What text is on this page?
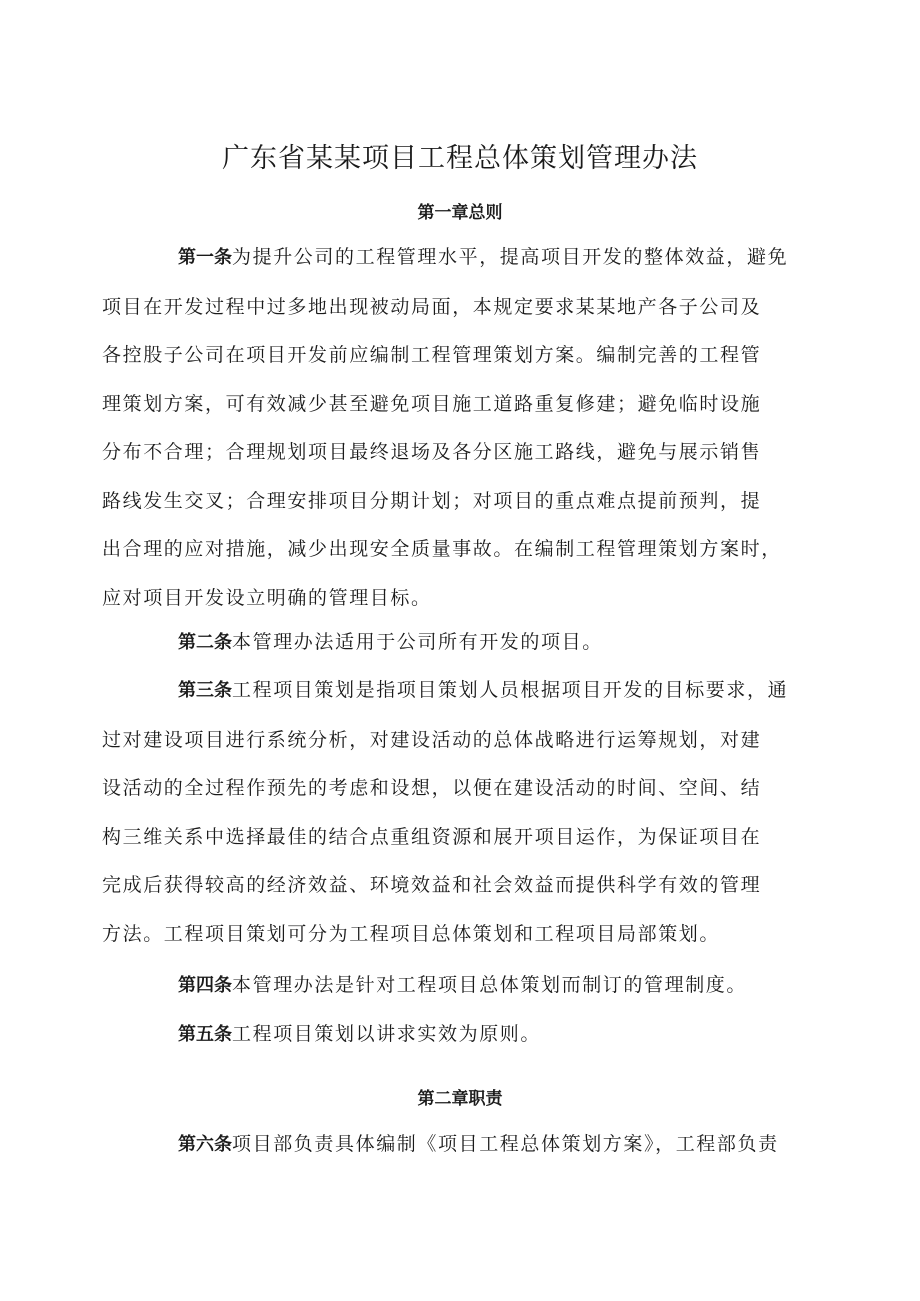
广东省某某项目工程总体策划管理办法
第一章总则

第一条为提升公司的工程管理水平，提高项目开发的整体效益，避免
项目在开发过程中过多地出现被动局面，本规定要求某某地产各子公司及
各控股子公司在项目开发前应编制工程管理策划方案。编制完善的工程管
理策划方案，可有效减少甚至避免项目施工道路重复修建；避免临时设施
分布不合理；合理规划项目最终退场及各分区施工路线，避免与展示销售
路线发生交叉；合理安排项目分期计划；对项目的重点难点提前预判，提
出合理的应对措施，减少出现安全质量事故。在编制工程管理策划方案时，
应对项目开发设立明确的管理目标。

第二条本管理办法适用于公司所有开发的项目。

第三条工程项目策划是指项目策划人员根据项目开发的目标要求，通
过对建设项目进行系统分析，对建设活动的总体战略进行运筹规划，对建
设活动的全过程作预先的考虑和设想，以便在建设活动的时间、空间、结
构三维关系中选择最佳的结合点重组资源和展开项目运作，为保证项目在
完成后获得较高的经济效益、环境效益和社会效益而提供科学有效的管理
方法。工程项目策划可分为工程项目总体策划和工程项目局部策划。

第四条本管理办法是针对工程项目总体策划而制订的管理制度。

第五条工程项目策划以讲求实效为原则。

第二章职责

第六条项目部负责具体编制《项目工程总体策划方案》，工程部负责
